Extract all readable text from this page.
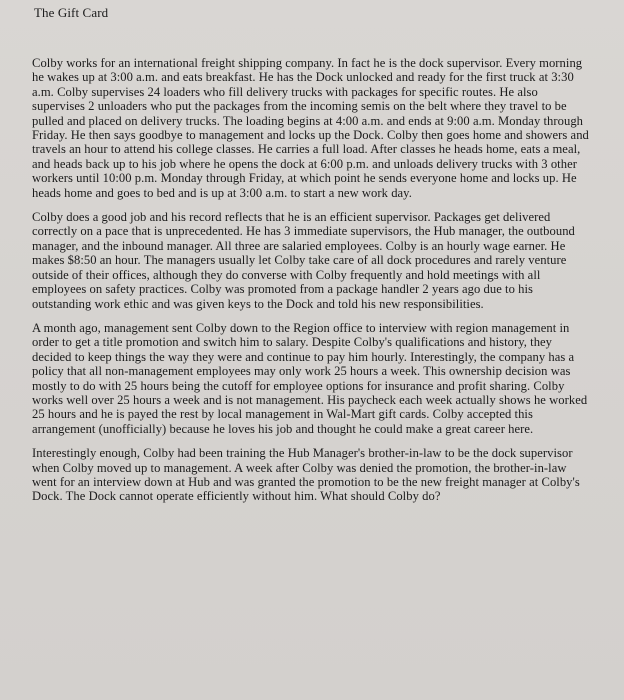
The Gift Card

Colby works for an international freight shipping company. In fact he is the dock supervisor. Every morning he wakes up at 3:00 a.m. and eats breakfast. He has the Dock unlocked and ready for the first truck at 3:30 a.m. Colby supervises 24 loaders who fill delivery trucks with packages for specific routes. He also supervises 2 unloaders who put the packages from the incoming semis on the belt where they travel to be pulled and placed on delivery trucks. The loading begins at 4:00 a.m. and ends at 9:00 a.m. Monday through Friday. He then says goodbye to management and locks up the Dock. Colby then goes home and showers and travels an hour to attend his college classes. He carries a full load. After classes he heads home, eats a meal, and heads back up to his job where he opens the dock at 6:00 p.m. and unloads delivery trucks with 3 other workers until 10:00 p.m. Monday through Friday, at which point he sends everyone home and locks up. He heads home and goes to bed and is up at 3:00 a.m. to start a new work day.

Colby does a good job and his record reflects that he is an efficient supervisor. Packages get delivered correctly on a pace that is unprecedented. He has 3 immediate supervisors, the Hub manager, the outbound manager, and the inbound manager. All three are salaried employees. Colby is an hourly wage earner. He makes $8:50 an hour. The managers usually let Colby take care of all dock procedures and rarely venture outside of their offices, although they do converse with Colby frequently and hold meetings with all employees on safety practices. Colby was promoted from a package handler 2 years ago due to his outstanding work ethic and was given keys to the Dock and told his new responsibilities.

A month ago, management sent Colby down to the Region office to interview with region management in order to get a title promotion and switch him to salary. Despite Colby's qualifications and history, they decided to keep things the way they were and continue to pay him hourly. Interestingly, the company has a policy that all non-management employees may only work 25 hours a week. This ownership decision was mostly to do with 25 hours being the cutoff for employee options for insurance and profit sharing. Colby works well over 25 hours a week and is not management. His paycheck each week actually shows he worked 25 hours and he is payed the rest by local management in Wal-Mart gift cards. Colby accepted this arrangement (unofficially) because he loves his job and thought he could make a great career here.

Interestingly enough, Colby had been training the Hub Manager's brother-in-law to be the dock supervisor when Colby moved up to management. A week after Colby was denied the promotion, the brother-in-law went for an interview down at Hub and was granted the promotion to be the new freight manager at Colby's Dock. The Dock cannot operate efficiently without him. What should Colby do?
